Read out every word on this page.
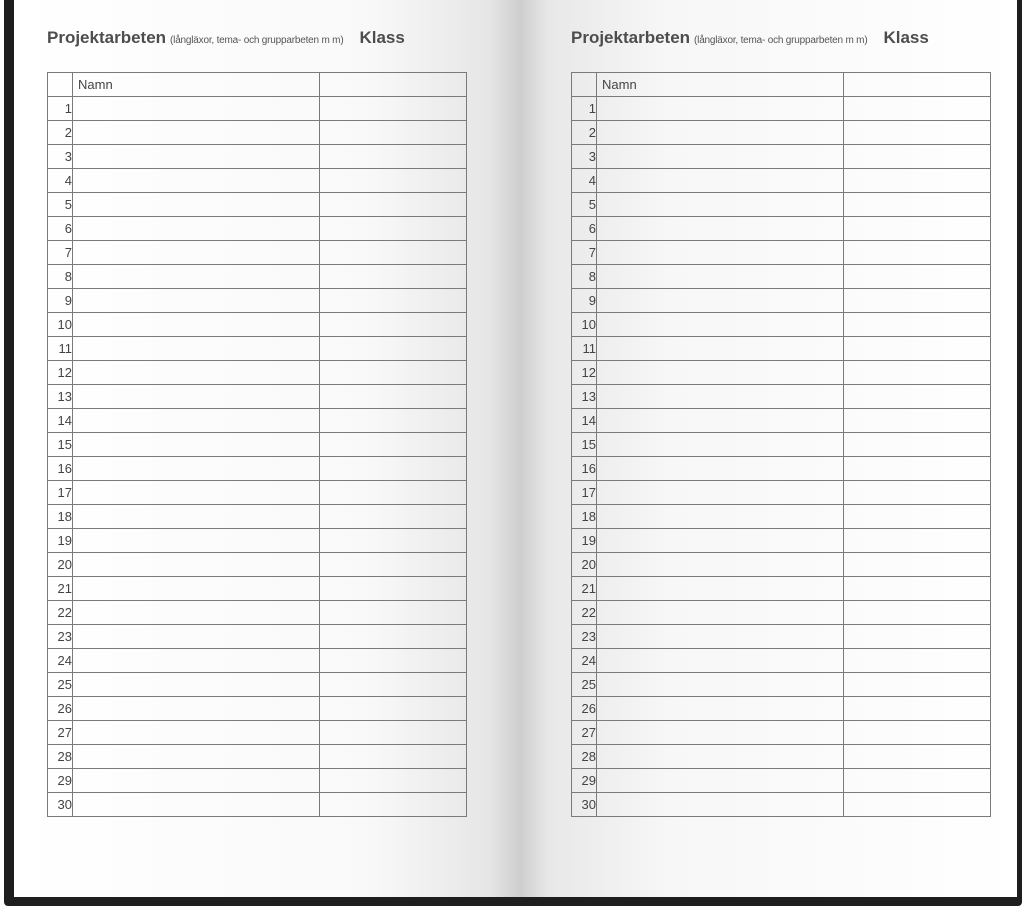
Projektarbeten (långläxor, tema- och grupparbeten m m) Klass
	Namn	
1		
2		
3		
4		
5		
6		
7		
8		
9		
10		
11		
12		
13		
14		
15		
16		
17		
18		
19		
20		
21		
22		
23		
24		
25		
26		
27		
28		
29		
30		
Projektarbeten (långläxor, tema- och grupparbeten m m) Klass
	Namn	
1		
2		
3		
4		
5		
6		
7		
8		
9		
10		
11		
12		
13		
14		
15		
16		
17		
18		
19		
20		
21		
22		
23		
24		
25		
26		
27		
28		
29		
30		
